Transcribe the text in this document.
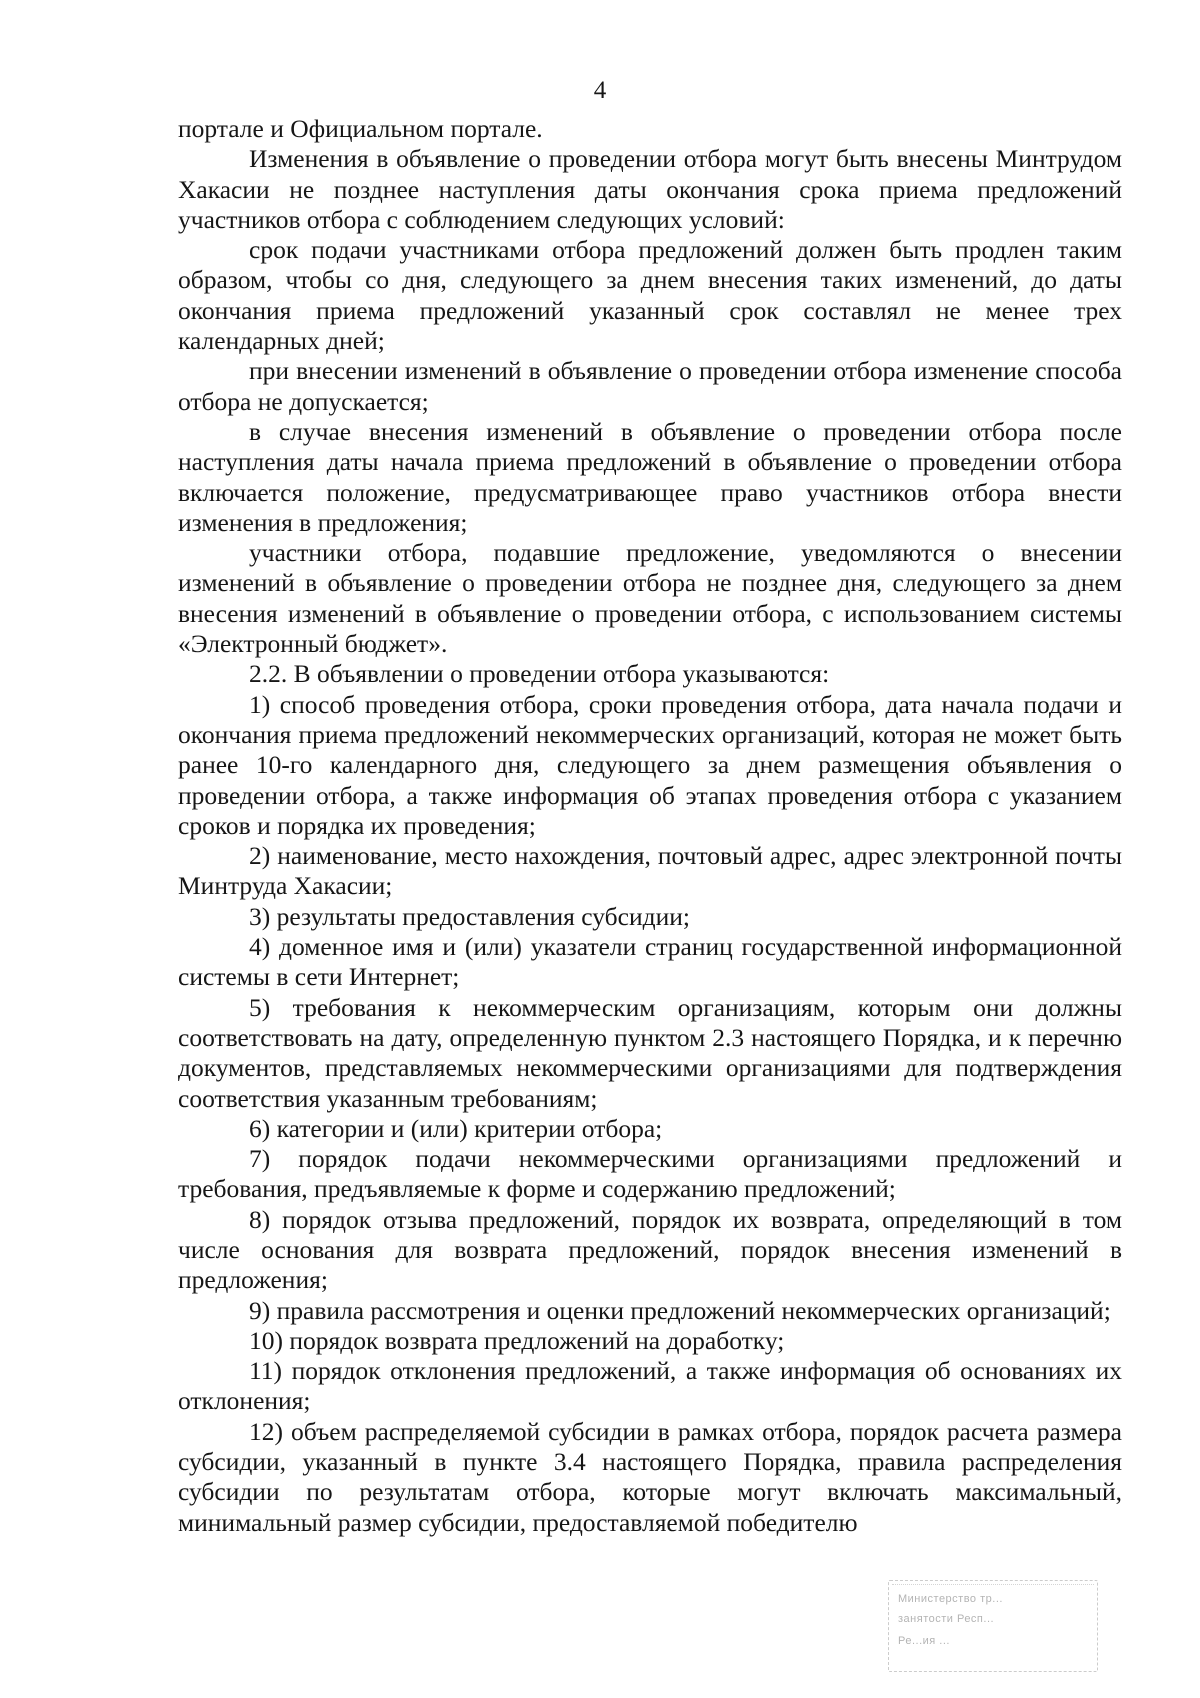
4

портале и Официальном портале.

Изменения в объявление о проведении отбора могут быть внесены Минтрудом Хакасии не позднее наступления даты окончания срока приема предложений участников отбора с соблюдением следующих условий:

срок подачи участниками отбора предложений должен быть продлен таким образом, чтобы со дня, следующего за днем внесения таких изменений, до даты окончания приема предложений указанный срок составлял не менее трех календарных дней;

при внесении изменений в объявление о проведении отбора изменение способа отбора не допускается;

в случае внесения изменений в объявление о проведении отбора после наступления даты начала приема предложений в объявление о проведении отбора включается положение, предусматривающее право участников отбора внести изменения в предложения;

участники отбора, подавшие предложение, уведомляются о внесении изменений в объявление о проведении отбора не позднее дня, следующего за днем внесения изменений в объявление о проведении отбора, с использованием системы «Электронный бюджет».

2.2. В объявлении о проведении отбора указываются:

1) способ проведения отбора, сроки проведения отбора, дата начала подачи и окончания приема предложений некоммерческих организаций, которая не может быть ранее 10-го календарного дня, следующего за днем размещения объявления о проведении отбора, а также информация об этапах проведения отбора с указанием сроков и порядка их проведения;

2) наименование, место нахождения, почтовый адрес, адрес электронной почты Минтруда Хакасии;

3) результаты предоставления субсидии;

4) доменное имя и (или) указатели страниц государственной информационной системы в сети Интернет;

5) требования к некоммерческим организациям, которым они должны соответствовать на дату, определенную пунктом 2.3 настоящего Порядка, и к перечню документов, представляемых некоммерческими организациями для подтверждения соответствия указанным требованиям;

6) категории и (или) критерии отбора;

7) порядок подачи некоммерческими организациями предложений и требования, предъявляемые к форме и содержанию предложений;

8) порядок отзыва предложений, порядок их возврата, определяющий в том числе основания для возврата предложений, порядок внесения изменений в предложения;

9) правила рассмотрения и оценки предложений некоммерческих организаций;

10) порядок возврата предложений на доработку;

11) порядок отклонения предложений, а также информация об основаниях их отклонения;

12) объем распределяемой субсидии в рамках отбора, порядок расчета размера субсидии, указанный в пункте 3.4 настоящего Порядка, правила распределения субсидии по результатам отбора, которые могут включать максимальный, минимальный размер субсидии, предоставляемой победителю

Министерство тр...
занятости Респ...
Ре...ия ...
